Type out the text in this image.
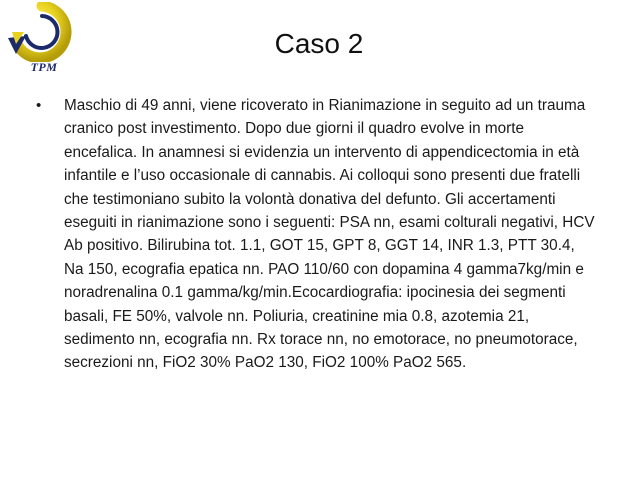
TPM
Caso 2
• Maschio di 49 anni, viene ricoverato in Rianimazione in seguito ad un trauma cranico post investimento. Dopo due giorni il quadro evolve in morte encefalica. In anamnesi si evidenzia un intervento di appendicectomia in età infantile e l’uso occasionale di cannabis. Ai colloqui sono presenti due fratelli che testimoniano subito la volontà donativa del defunto. Gli accertamenti eseguiti in rianimazione sono i seguenti: PSA nn, esami colturali negativi, HCV Ab positivo. Bilirubina tot. 1.1, GOT 15, GPT 8, GGT 14, INR 1.3, PTT 30.4, Na 150, ecografia epatica nn. PAO 110/60 con dopamina 4 gamma7kg/min e noradrenalina 0.1 gamma/kg/min.Ecocardiografia: ipocinesia dei segmenti basali, FE 50%, valvole nn. Poliuria, creatinine mia 0.8, azotemia 21, sedimento nn, ecografia nn. Rx torace nn, no emotorace, no pneumotorace, secrezioni nn, FiO2 30% PaO2 130, FiO2 100% PaO2 565.
